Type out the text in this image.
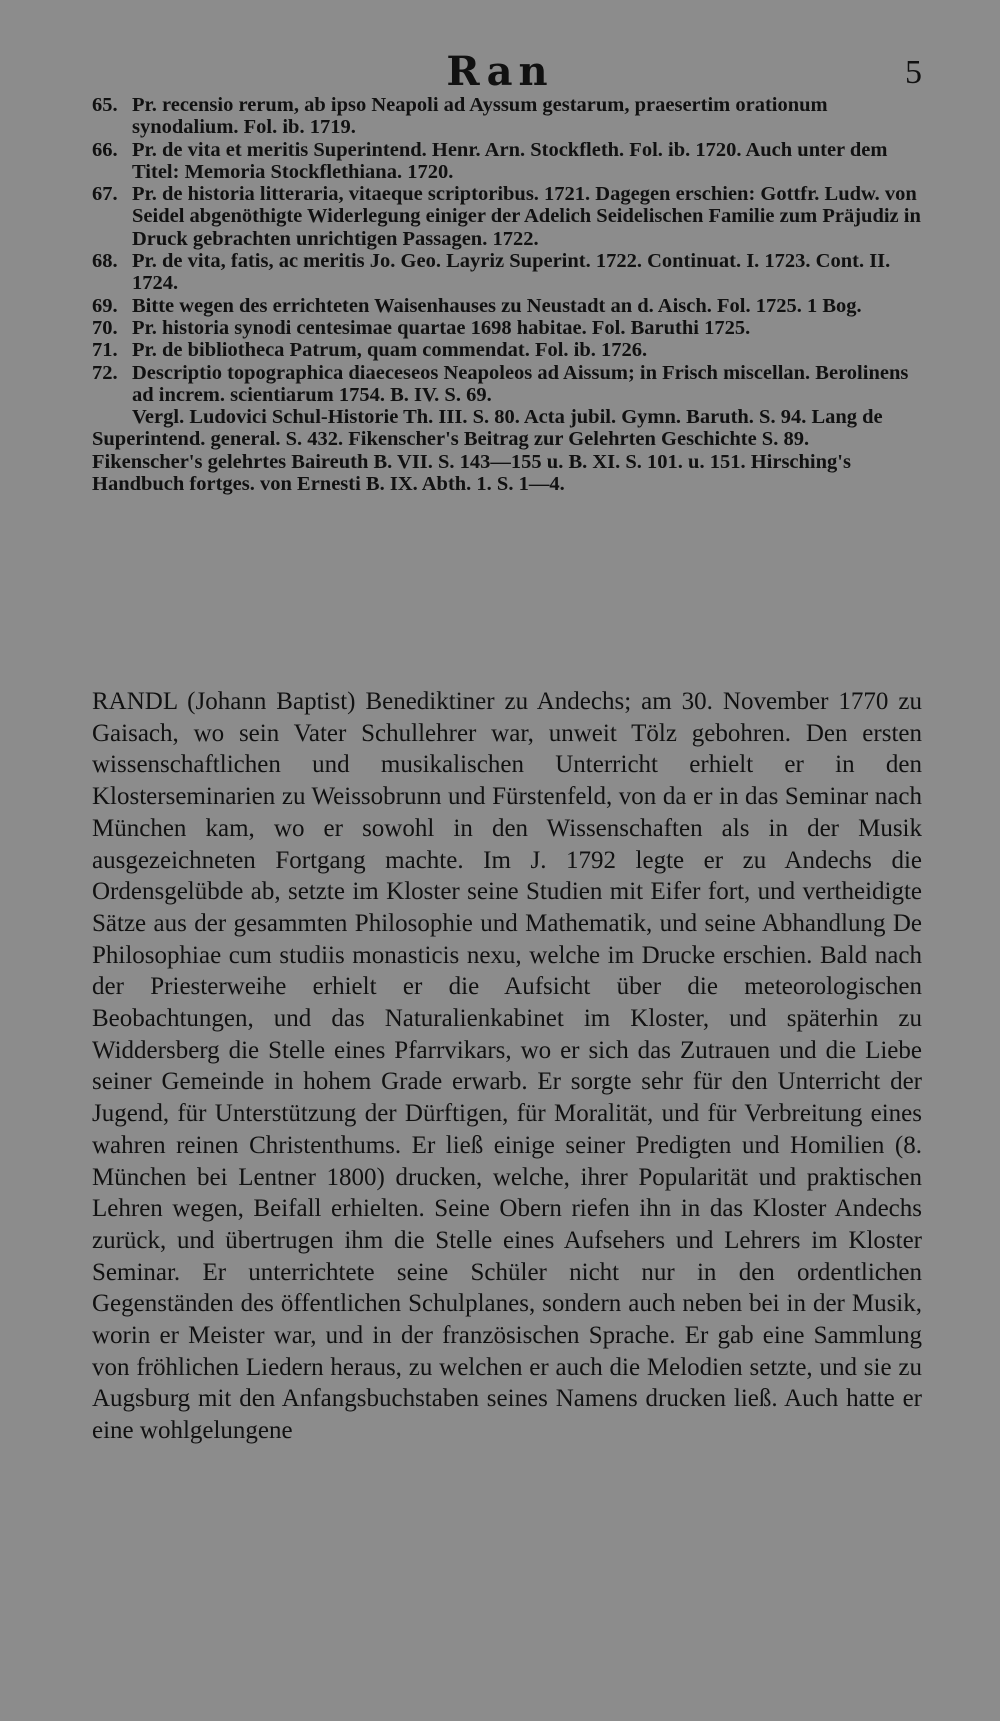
Ran	5
65. Pr. recensio rerum, ab ipso Neapoli ad Ayssum gestarum, praesertim orationum synodalium. Fol. ib. 1719.
66. Pr. de vita et meritis Superintend. Henr. Arn. Stockfleth. Fol. ib. 1720. Auch unter dem Titel: Memoria Stockflethiana. 1720.
67. Pr. de historia litteraria, vitaeque scriptoribus. 1721. Dagegen erschien: Gottfr. Ludw. von Seidel abgenöthigte Widerlegung einiger der Adelich Seidelischen Familie zum Präjudiz in Druck gebrachten unrichtigen Passagen. 1722.
68. Pr. de vita, fatis, ac meritis Jo. Geo. Layriz Superint. 1722. Continuat. I. 1723. Cont. II. 1724.
69. Bitte wegen des errichteten Waisenhauses zu Neustadt an d. Aisch. Fol. 1725. 1 Bog.
70. Pr. historia synodi centesimae quartae 1698 habitae. Fol. Baruthi 1725.
71. Pr. de bibliotheca Patrum, quam commendat. Fol. ib. 1726.
72. Descriptio topographica diaeceseos Neapoleos ad Aissum; in Frisch miscellan. Berolinens ad increm. scientiarum 1754. B. IV. S. 69.
Vergl. Ludovici Schul-Historie Th. III. S. 80. Acta jubil. Gymn. Baruth. S. 94. Lang de Superintend. general. S. 432. Fikenscher's Beitrag zur Gelehrten Geschichte S. 89. Fikenscher's gelehrtes Baireuth B. VII. S. 143—155 u. B. XI. S. 101. u. 151. Hirsching's Handbuch fortges. von Ernesti B. IX. Abth. 1. S. 1—4.

RANDL (Johann Baptist) Benediktiner zu Andechs; am 30. November 1770 zu Gaisach, wo sein Vater Schullehrer war, unweit Tölz gebohren. Den ersten wissenschaftlichen und musikalischen Unterricht erhielt er in den Klosterseminarien zu Weissobrunn und Fürstenfeld, von da er in das Seminar nach München kam, wo er sowohl in den Wissenschaften als in der Musik ausgezeichneten Fortgang machte. Im J. 1792 legte er zu Andechs die Ordensgelübde ab, setzte im Kloster seine Studien mit Eifer fort, und vertheidigte Sätze aus der gesammten Philosophie und Mathematik, und seine Abhandlung De Philosophiae cum studiis monasticis nexu, welche im Drucke erschien. Bald nach der Priesterweihe erhielt er die Aufsicht über die meteorologischen Beobachtungen, und das Naturalienkabinet im Kloster, und späterhin zu Widdersberg die Stelle eines Pfarrvikars, wo er sich das Zutrauen und die Liebe seiner Gemeinde in hohem Grade erwarb. Er sorgte sehr für den Unterricht der Jugend, für Unterstützung der Dürftigen, für Moralität, und für Verbreitung eines wahren reinen Christenthums. Er ließ einige seiner Predigten und Homilien (8. München bei Lentner 1800) drucken, welche, ihrer Popularität und praktischen Lehren wegen, Beifall erhielten. Seine Obern riefen ihn in das Kloster Andechs zurück, und übertrugen ihm die Stelle eines Aufsehers und Lehrers im Kloster Seminar. Er unterrichtete seine Schüler nicht nur in den ordentlichen Gegenständen des öffentlichen Schulplanes, sondern auch neben bei in der Musik, worin er Meister war, und in der französischen Sprache. Er gab eine Sammlung von fröhlichen Liedern heraus, zu welchen er auch die Melodien setzte, und sie zu Augsburg mit den Anfangsbuchstaben seines Namens drucken ließ. Auch hatte er eine wohlgelungene
